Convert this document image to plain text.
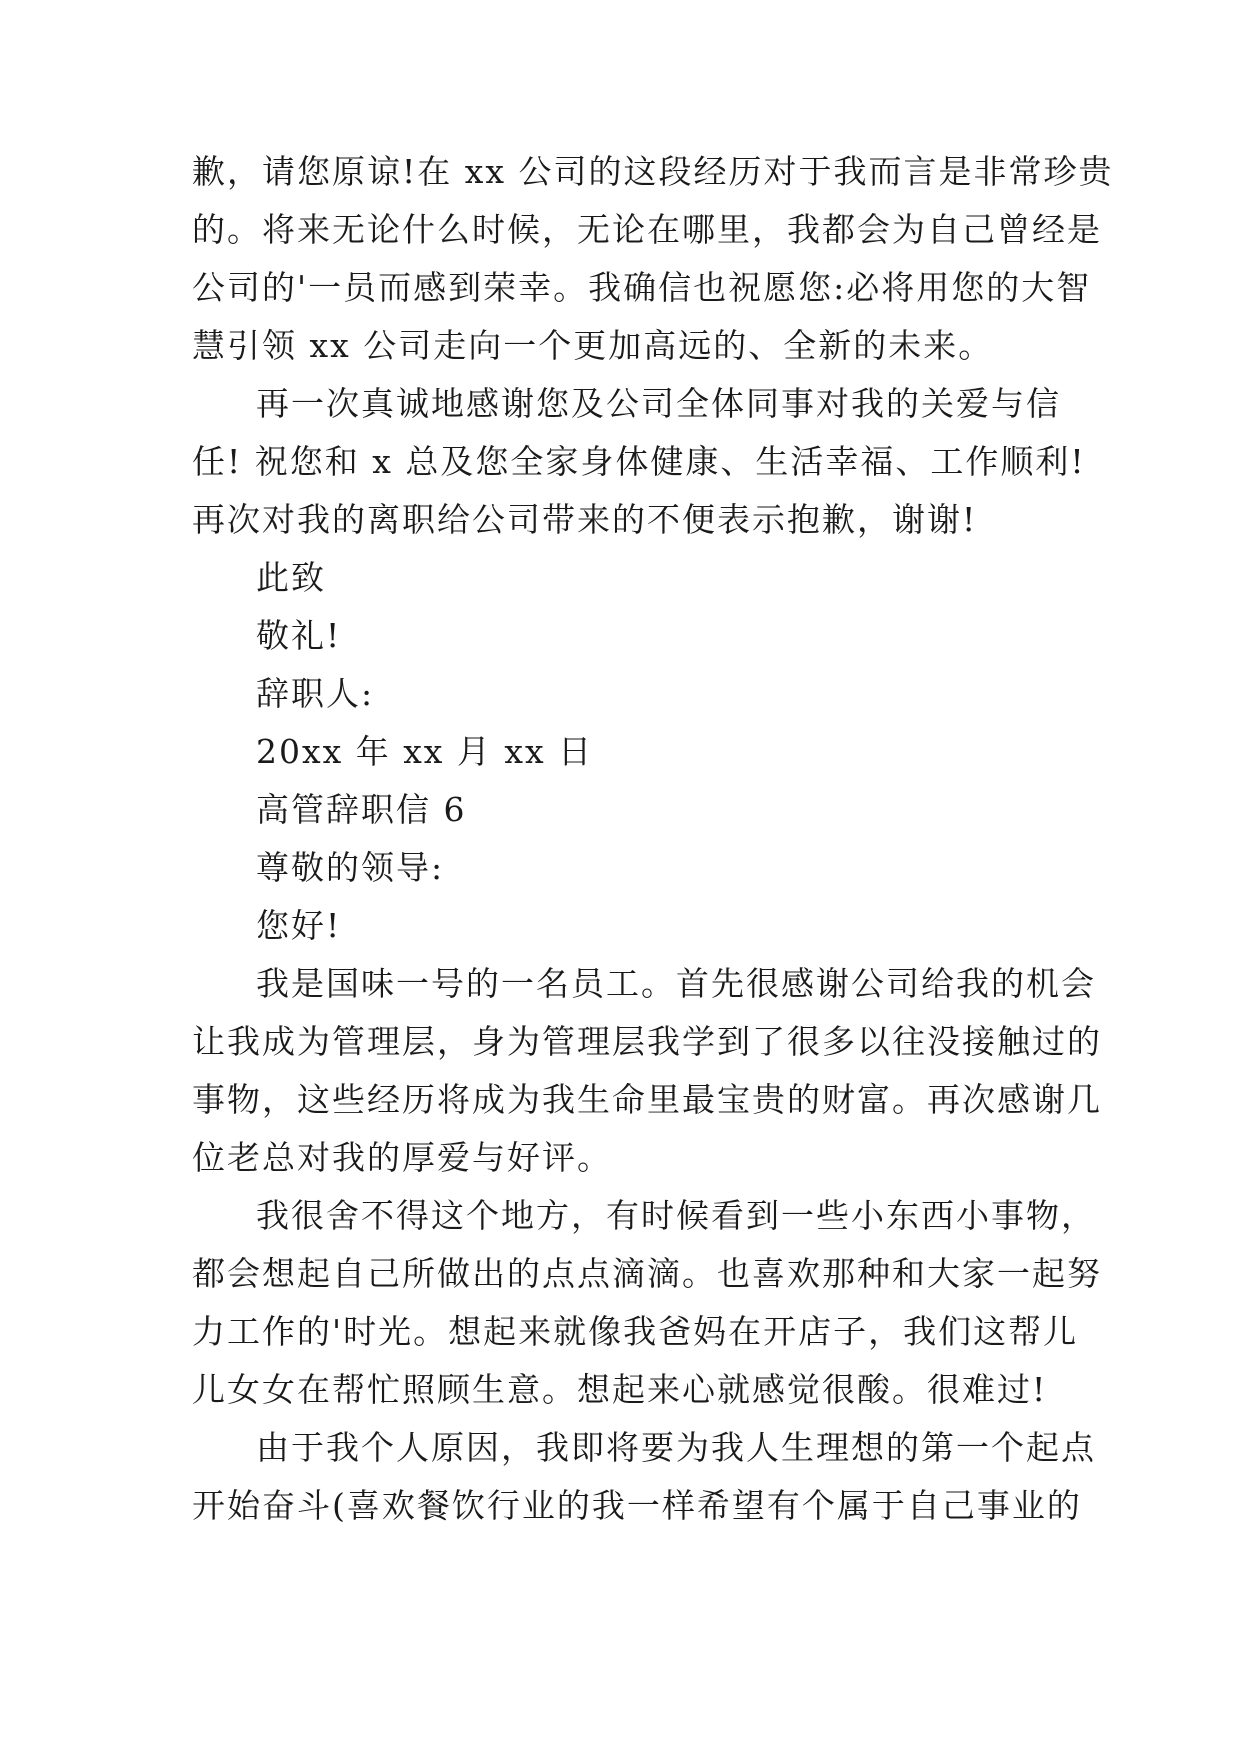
歉，请您原谅!在 xx 公司的这段经历对于我而言是非常珍贵
的。将来无论什么时候，无论在哪里，我都会为自己曾经是
公司的'一员而感到荣幸。我确信也祝愿您:必将用您的大智
慧引领 xx 公司走向一个更加高远的、全新的未来。
再一次真诚地感谢您及公司全体同事对我的关爱与信
任! 祝您和 x 总及您全家身体健康、生活幸福、工作顺利!
再次对我的离职给公司带来的不便表示抱歉，谢谢!
此致
敬礼!
辞职人:
20xx 年 xx 月 xx 日
高管辞职信 6
尊敬的领导:
您好!
我是国味一号的一名员工。首先很感谢公司给我的机会
让我成为管理层，身为管理层我学到了很多以往没接触过的
事物，这些经历将成为我生命里最宝贵的财富。再次感谢几
位老总对我的厚爱与好评。
我很舍不得这个地方，有时候看到一些小东西小事物，
都会想起自己所做出的点点滴滴。也喜欢那种和大家一起努
力工作的'时光。想起来就像我爸妈在开店子，我们这帮儿
儿女女在帮忙照顾生意。想起来心就感觉很酸。很难过!
由于我个人原因，我即将要为我人生理想的第一个起点
开始奋斗(喜欢餐饮行业的我一样希望有个属于自己事业的
